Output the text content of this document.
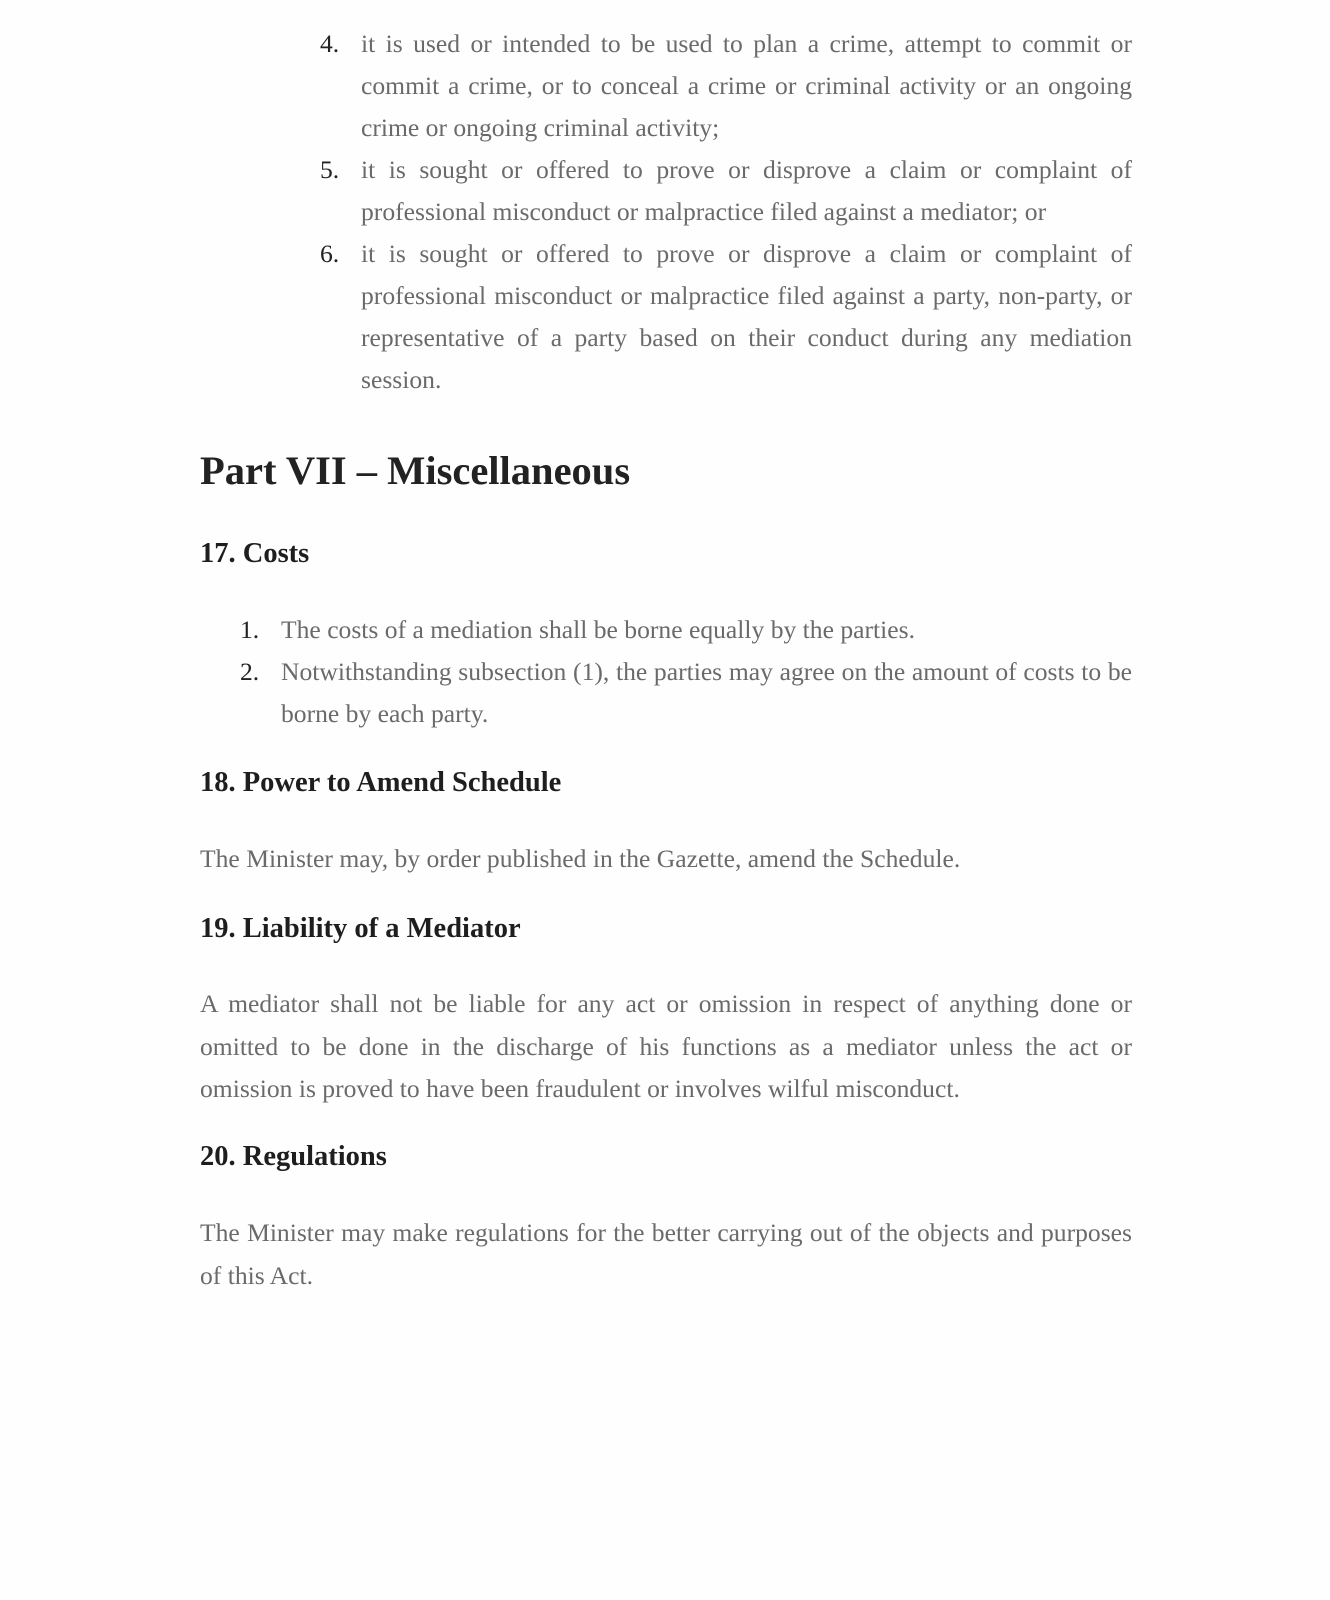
4. it is used or intended to be used to plan a crime, attempt to commit or commit a crime, or to conceal a crime or criminal activity or an ongoing crime or ongoing criminal activity;
5. it is sought or offered to prove or disprove a claim or complaint of professional misconduct or malpractice filed against a mediator; or
6. it is sought or offered to prove or disprove a claim or complaint of professional misconduct or malpractice filed against a party, non-party, or representative of a party based on their conduct during any mediation session.
Part VII – Miscellaneous
17. Costs
1. The costs of a mediation shall be borne equally by the parties.
2. Notwithstanding subsection (1), the parties may agree on the amount of costs to be borne by each party.
18. Power to Amend Schedule

The Minister may, by order published in the Gazette, amend the Schedule.

19. Liability of a Mediator

A mediator shall not be liable for any act or omission in respect of anything done or omitted to be done in the discharge of his functions as a mediator unless the act or omission is proved to have been fraudulent or involves wilful misconduct.

20. Regulations

The Minister may make regulations for the better carrying out of the objects and purposes of this Act.
